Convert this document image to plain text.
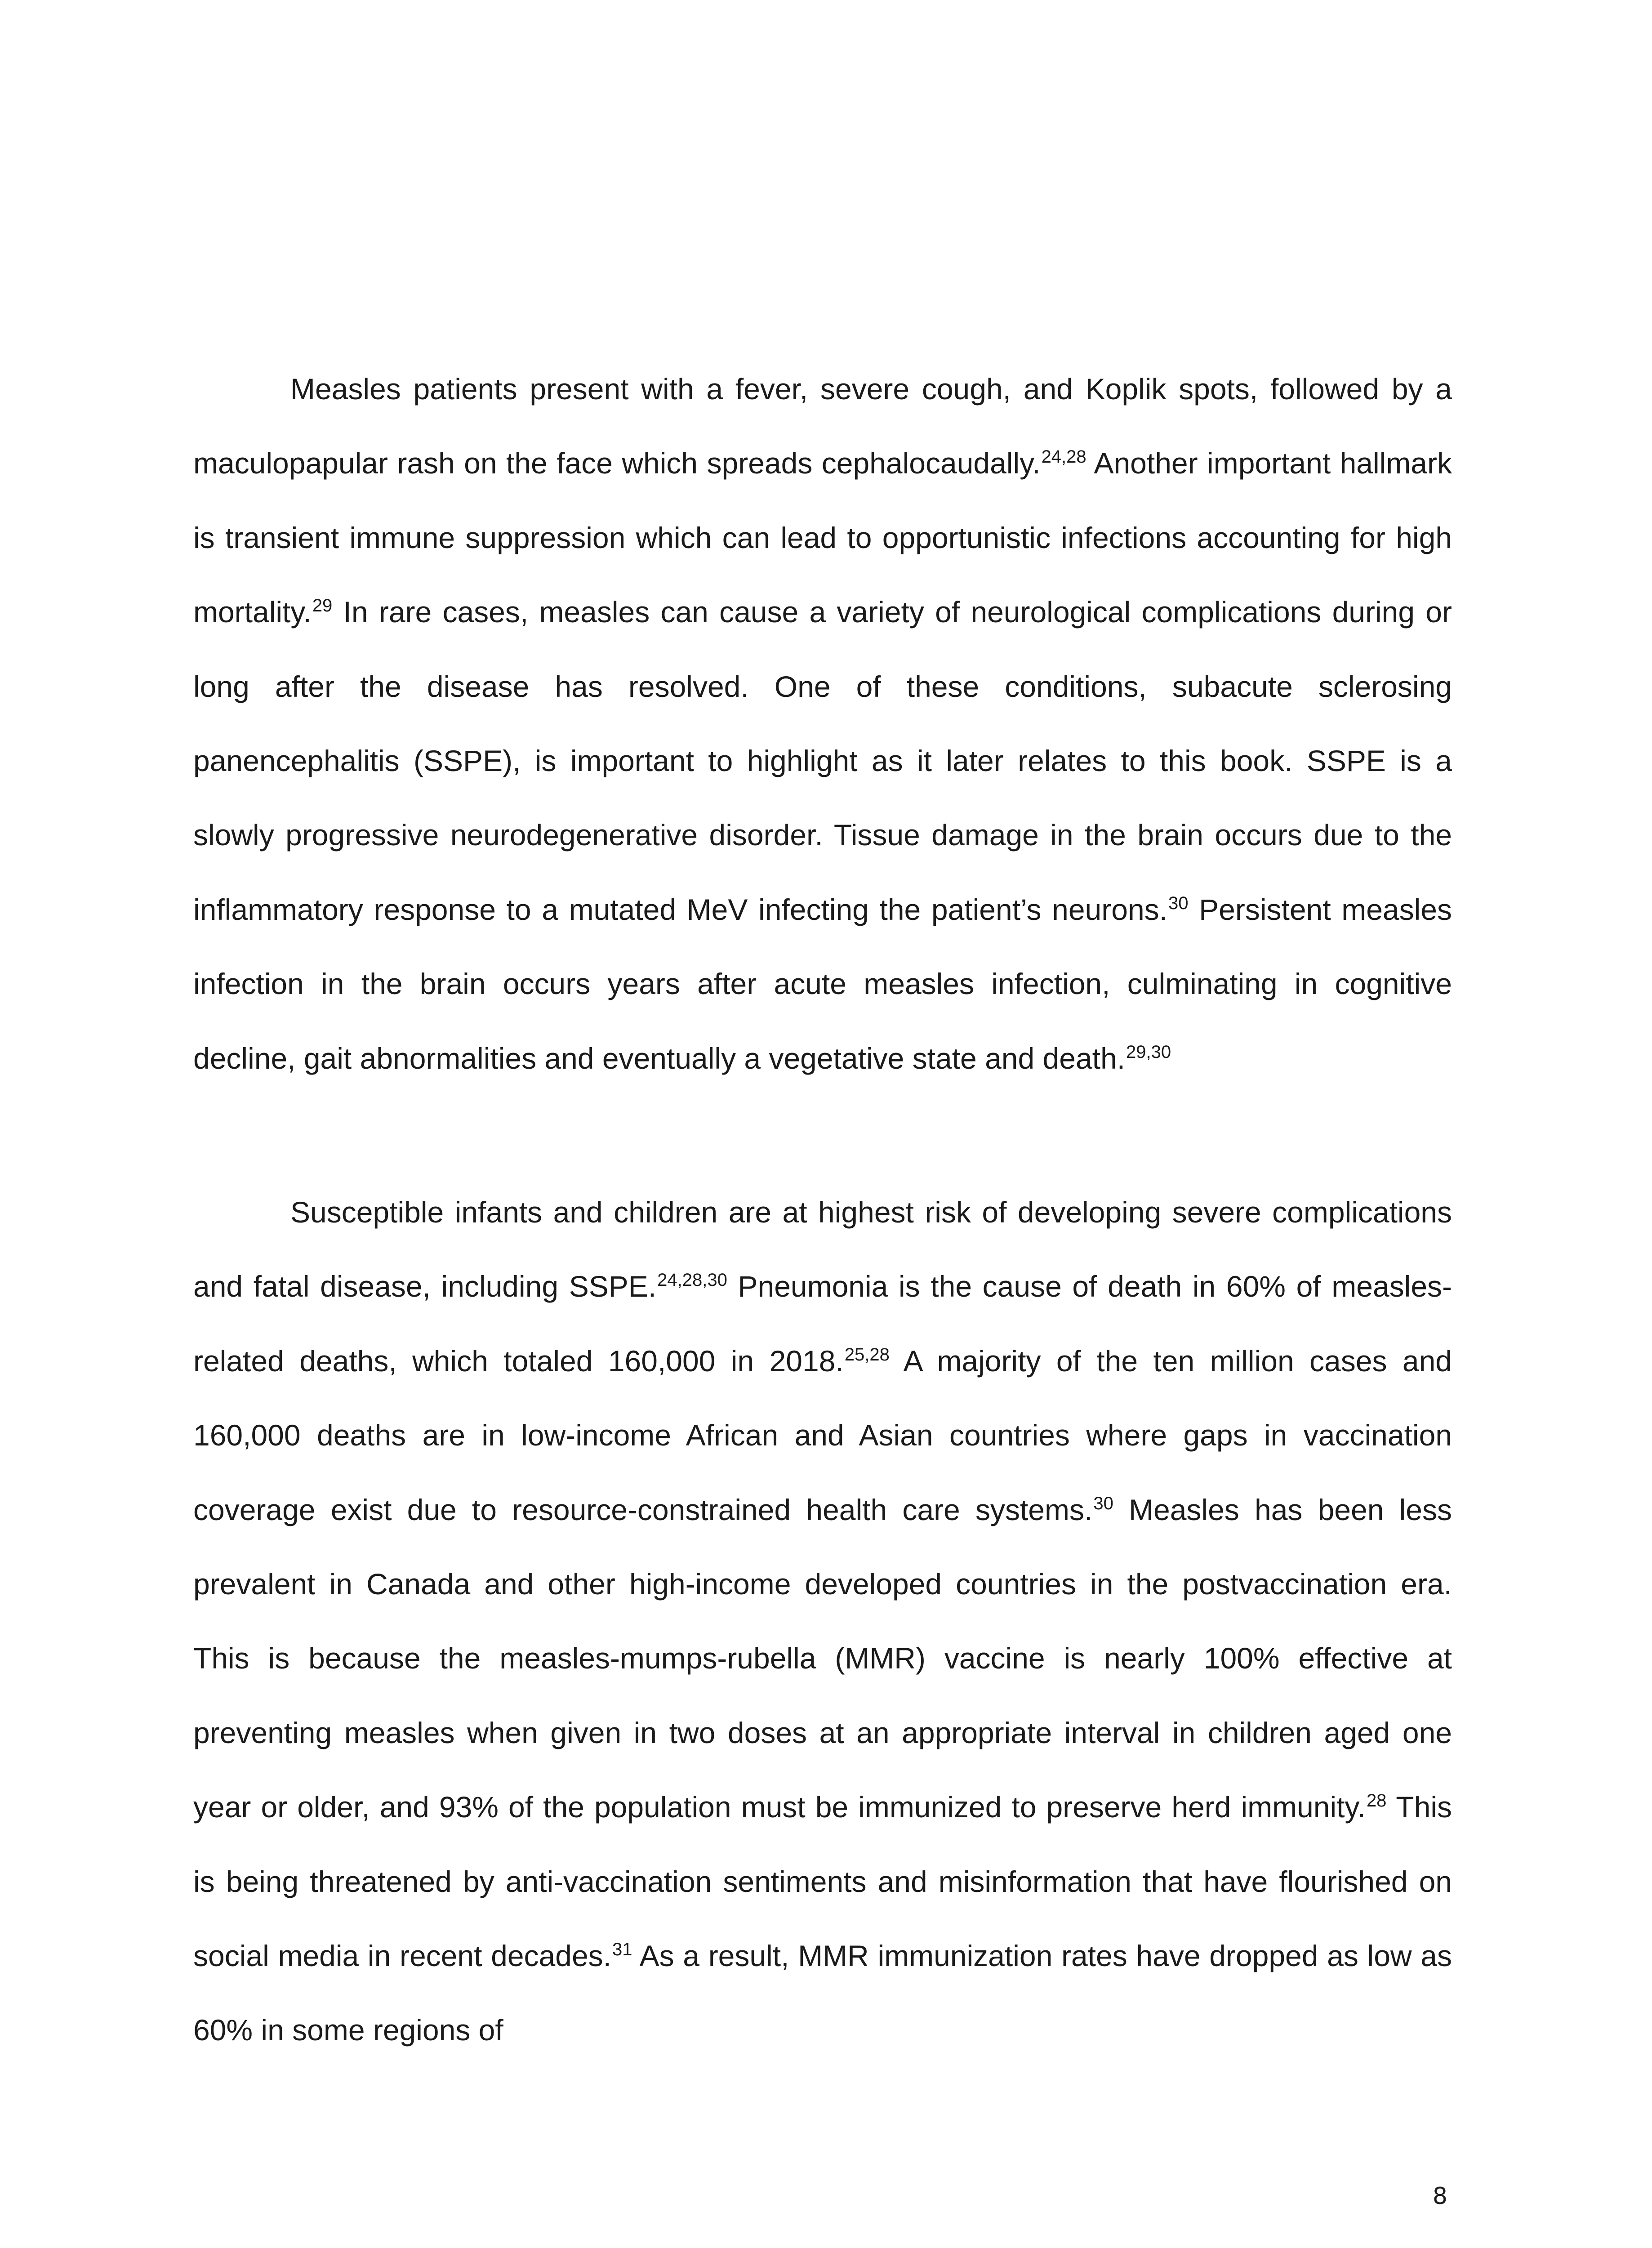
Measles patients present with a fever, severe cough, and Koplik spots, followed by a maculopapular rash on the face which spreads cephalocaudally.$^{24,28}$ Another important hallmark is transient immune suppression which can lead to opportunistic infections accounting for high mortality.$^{29}$ In rare cases, measles can cause a variety of neurological complications during or long after the disease has resolved. One of these conditions, subacute sclerosing panencephalitis (SSPE), is important to highlight as it later relates to this book. SSPE is a slowly progressive neurodegenerative disorder. Tissue damage in the brain occurs due to the inflammatory response to a mutated MeV infecting the patient’s neurons.$^{30}$ Persistent measles infection in the brain occurs years after acute measles infection, culminating in cognitive decline, gait abnormalities and eventually a vegetative state and death.$^{29,30}$

Susceptible infants and children are at highest risk of developing severe complications and fatal disease, including SSPE.$^{24,28,30}$ Pneumonia is the cause of death in 60% of measles-related deaths, which totaled 160,000 in 2018.$^{25,28}$ A majority of the ten million cases and 160,000 deaths are in low-income African and Asian countries where gaps in vaccination coverage exist due to resource-constrained health care systems.$^{30}$ Measles has been less prevalent in Canada and other high-income developed countries in the postvaccination era. This is because the measles-mumps-rubella (MMR) vaccine is nearly 100% effective at preventing measles when given in two doses at an appropriate interval in children aged one year or older, and 93% of the population must be immunized to preserve herd immunity.$^{28}$ This is being threatened by anti-vaccination sentiments and misinformation that have flourished on social media in recent decades.$^{31}$ As a result, MMR immunization rates have dropped as low as 60% in some regions of

8
